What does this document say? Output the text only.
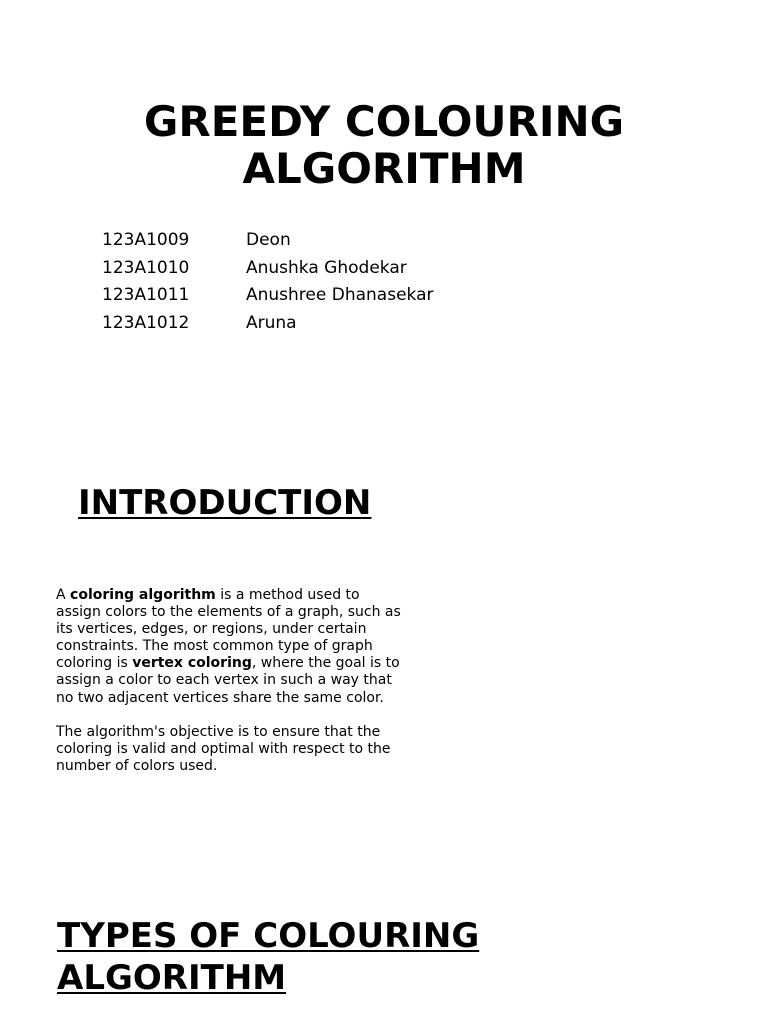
GREEDY COLOURING
ALGORITHM
123A1009	Deon
123A1010	Anushka Ghodekar
123A1011	Anushree Dhanasekar
123A1012	Aruna
INTRODUCTION

A coloring algorithm is a method used to assign colors to the elements of a graph, such as its vertices, edges, or regions, under certain constraints. The most common type of graph coloring is vertex coloring, where the goal is to assign a color to each vertex in such a way that no two adjacent vertices share the same color.

The algorithm's objective is to ensure that the coloring is valid and optimal with respect to the number of colors used.

TYPES OF COLOURING
ALGORITHM
